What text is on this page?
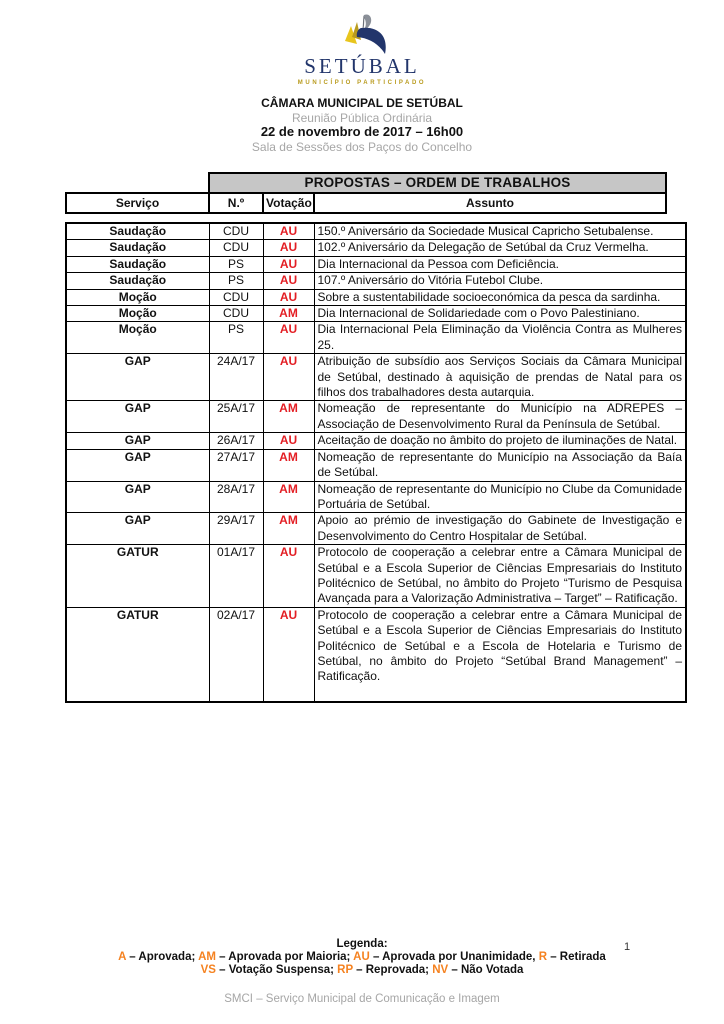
SETÚBAL
MUNICÍPIO PARTICIPADO
CÂMARA MUNICIPAL DE SETÚBAL
Reunião Pública Ordinária
22 de novembro de 2017 – 16h00
Sala de Sessões dos Paços do Concelho
	PROPOSTAS – ORDEM DE TRABALHOS		
Serviço	N.º	Votação	Assunto
Saudação	CDU	AU	150.º Aniversário da Sociedade Musical Capricho Setubalense.
Saudação	CDU	AU	102.º Aniversário da Delegação de Setúbal da Cruz Vermelha.
Saudação	PS	AU	Dia Internacional da Pessoa com Deficiência.
Saudação	PS	AU	107.º Aniversário do Vitória Futebol Clube.
Moção	CDU	AU	Sobre a sustentabilidade socioeconómica da pesca da sardinha.
Moção	CDU	AM	Dia Internacional de Solidariedade com o Povo Palestiniano.
Moção	PS	AU	Dia Internacional Pela Eliminação da Violência Contra as Mulheres 25.
GAP	24A/17	AU	Atribuição de subsídio aos Serviços Sociais da Câmara Municipal de Setúbal, destinado à aquisição de prendas de Natal para os filhos dos trabalhadores desta autarquia.
GAP	25A/17	AM	Nomeação de representante do Município na ADREPES – Associação de Desenvolvimento Rural da Península de Setúbal.
GAP	26A/17	AU	Aceitação de doação no âmbito do projeto de iluminações de Natal.
GAP	27A/17	AM	Nomeação de representante do Município na Associação da Baía de Setúbal.
GAP	28A/17	AM	Nomeação de representante do Município no Clube da Comunidade Portuária de Setúbal.
GAP	29A/17	AM	Apoio ao prémio de investigação do Gabinete de Investigação e Desenvolvimento do Centro Hospitalar de Setúbal.
GATUR	01A/17	AU	Protocolo de cooperação a celebrar entre a Câmara Municipal de Setúbal e a Escola Superior de Ciências Empresariais do Instituto Politécnico de Setúbal, no âmbito do Projeto “Turismo de Pesquisa Avançada para a Valorização Administrativa – Target” – Ratificação.
GATUR	02A/17	AU	Protocolo de cooperação a celebrar entre a Câmara Municipal de Setúbal e a Escola Superior de Ciências Empresariais do Instituto Politécnico de Setúbal e a Escola de Hotelaria e Turismo de Setúbal, no âmbito do Projeto “Setúbal Brand Management” – Ratificação.
Legenda:
A – Aprovada; AM – Aprovada por Maioria; AU – Aprovada por Unanimidade, R – Retirada
VS – Votação Suspensa; RP – Reprovada; NV – Não Votada
1
SMCI – Serviço Municipal de Comunicação e Imagem
